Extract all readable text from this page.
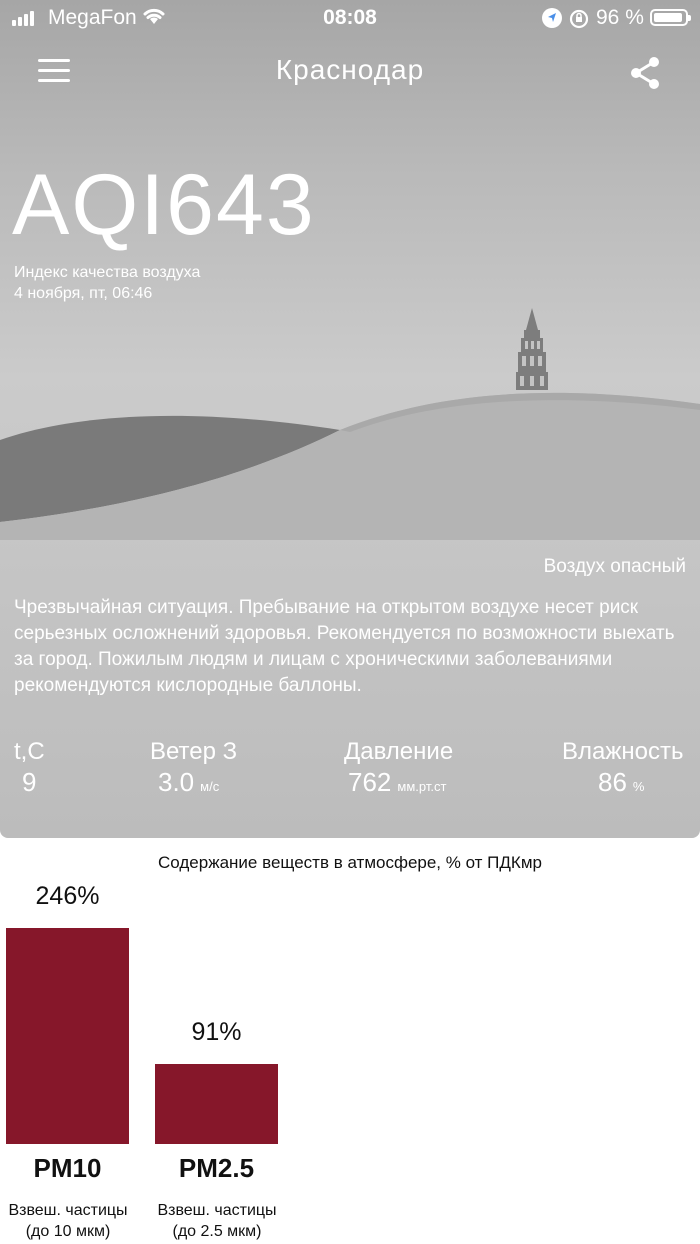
MegaFon	08:08	96 %
Краснодар
AQI643
Индекс качества воздуха
4 ноября, пт, 06:46
Воздух опасный
Чрезвычайная ситуация. Пребывание на открытом воздухе несет риск серьезных осложнений здоровья. Рекомендуется по возможности выехать за город. Пожилым людям и лицам с хроническими заболеваниями рекомендуются кислородные баллоны.
t,C
9
Ветер З
3.0 м/с
Давление
762 мм.рт.ст
Влажность
86 %
Содержание веществ в атмосфере, % от ПДКмр
246%
PM10
Взвеш. частицы
(до 10 мкм)
91%
PM2.5
Взвеш. частицы
(до 2.5 мкм)
